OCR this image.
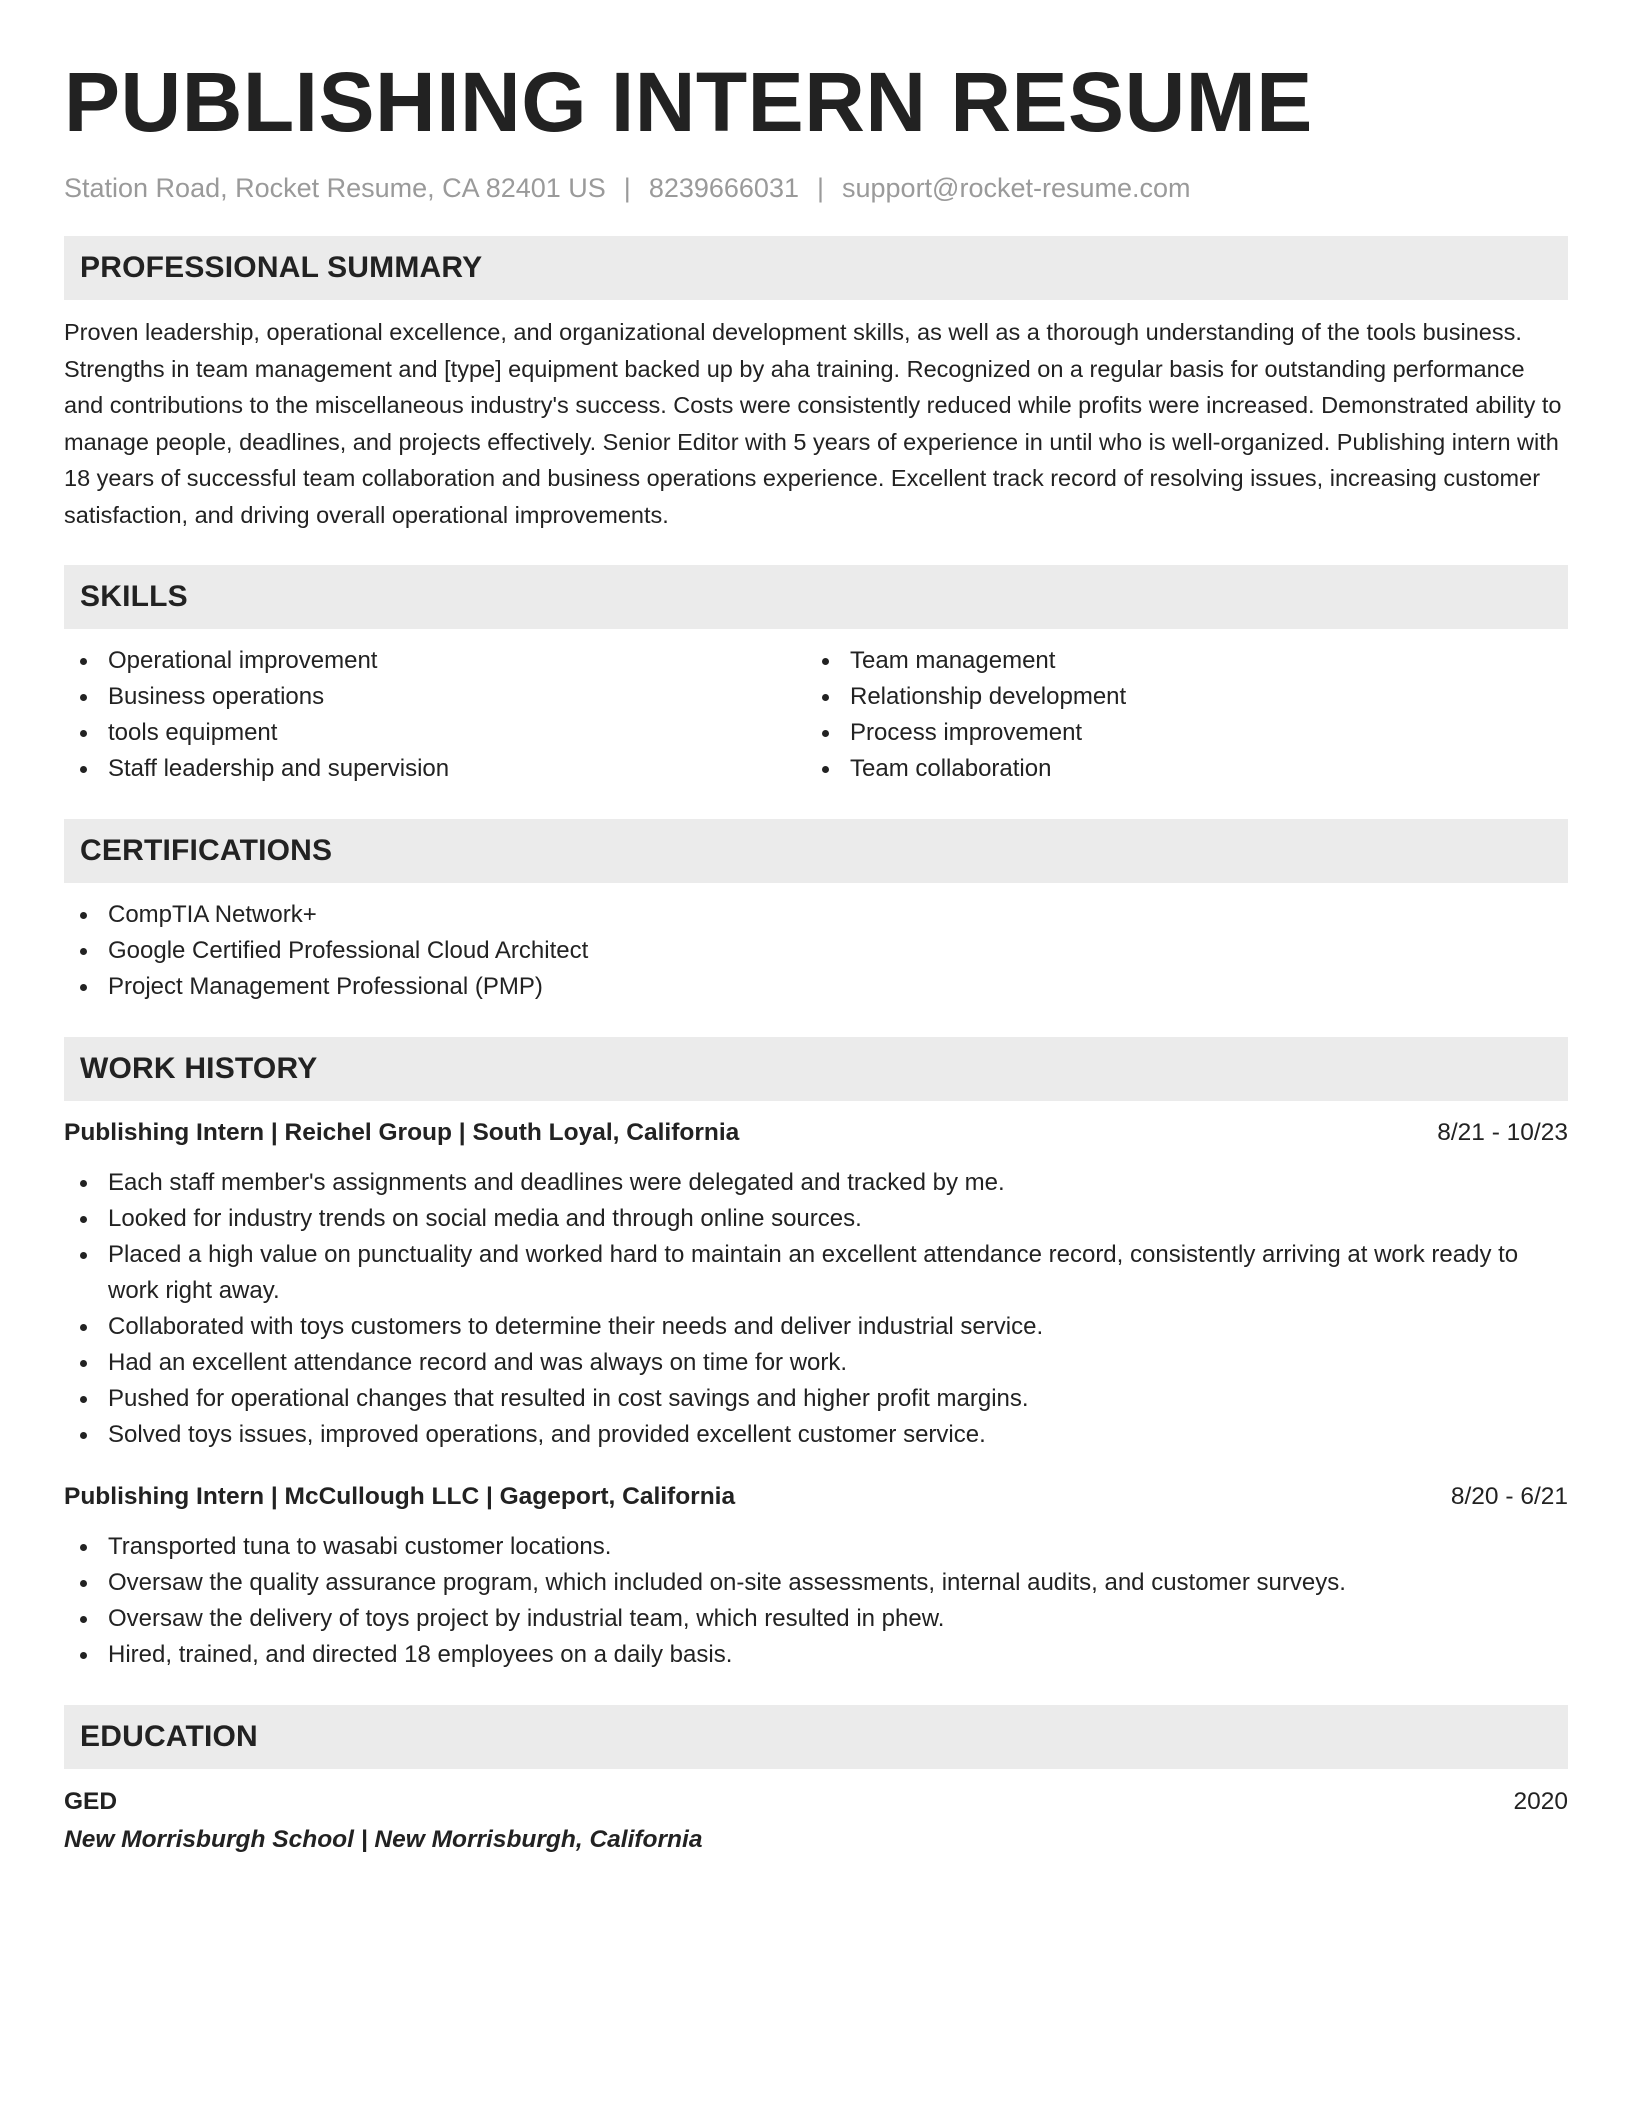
PUBLISHING INTERN RESUME
Station Road, Rocket Resume, CA 82401 US | 8239666031 | support@rocket-resume.com
PROFESSIONAL SUMMARY

Proven leadership, operational excellence, and organizational development skills, as well as a thorough understanding of the tools business. Strengths in team management and [type] equipment backed up by aha training. Recognized on a regular basis for outstanding performance and contributions to the miscellaneous industry's success. Costs were consistently reduced while profits were increased. Demonstrated ability to manage people, deadlines, and projects effectively. Senior Editor with 5 years of experience in until who is well-organized. Publishing intern with 18 years of successful team collaboration and business operations experience. Excellent track record of resolving issues, increasing customer satisfaction, and driving overall operational improvements.

SKILLS
Operational improvement
Business operations
tools equipment
Staff leadership and supervision
Team management
Relationship development
Process improvement
Team collaboration
CERTIFICATIONS
CompTIA Network+
Google Certified Professional Cloud Architect
Project Management Professional (PMP)
WORK HISTORY
Publishing Intern | Reichel Group | South Loyal, California	8/21 - 10/23
Each staff member's assignments and deadlines were delegated and tracked by me.
Looked for industry trends on social media and through online sources.
Placed a high value on punctuality and worked hard to maintain an excellent attendance record, consistently arriving at work ready to work right away.
Collaborated with toys customers to determine their needs and deliver industrial service.
Had an excellent attendance record and was always on time for work.
Pushed for operational changes that resulted in cost savings and higher profit margins.
Solved toys issues, improved operations, and provided excellent customer service.
Publishing Intern | McCullough LLC | Gageport, California	8/20 - 6/21
Transported tuna to wasabi customer locations.
Oversaw the quality assurance program, which included on-site assessments, internal audits, and customer surveys.
Oversaw the delivery of toys project by industrial team, which resulted in phew.
Hired, trained, and directed 18 employees on a daily basis.
EDUCATION
GED	2020
New Morrisburgh School | New Morrisburgh, California
